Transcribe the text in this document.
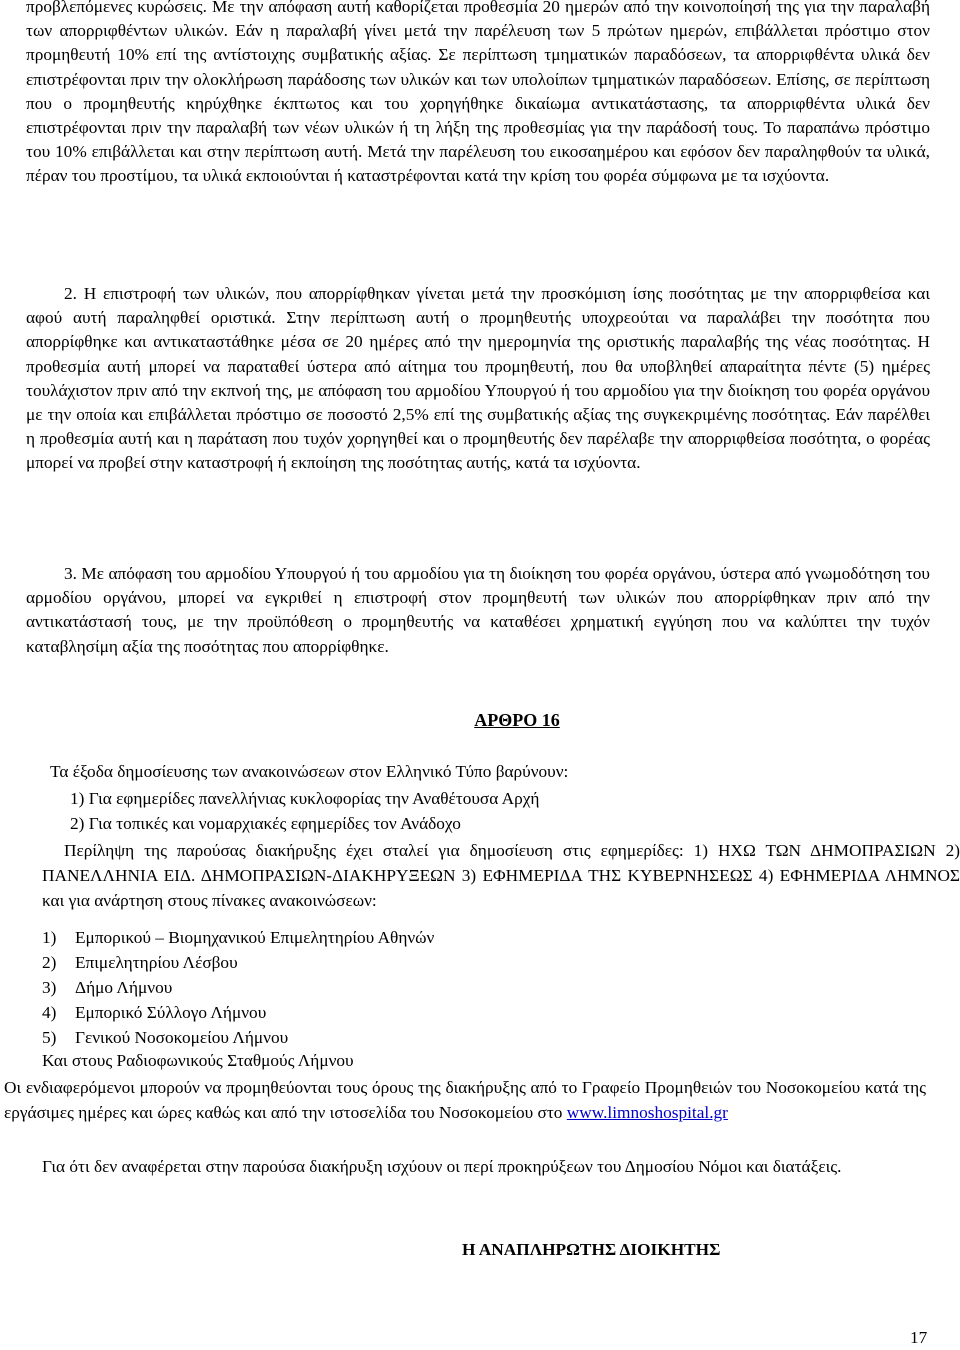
προβλεπόμενες κυρώσεις. Με την απόφαση αυτή καθορίζεται προθεσμία 20 ημερών από την κοινοποίησή της για την παραλαβή των απορριφθέντων υλικών. Εάν η παραλαβή γίνει μετά την παρέλευση των 5 πρώτων ημερών, επιβάλλεται πρόστιμο στον προμηθευτή 10% επί της αντίστοιχης συμβατικής αξίας. Σε περίπτωση τμηματικών παραδόσεων, τα απορριφθέντα υλικά δεν επιστρέφονται πριν την ολοκλήρωση παράδοσης των υλικών και των υπολοίπων τμηματικών παραδόσεων. Επίσης, σε περίπτωση που ο προμηθευτής κηρύχθηκε έκπτωτος και του χορηγήθηκε δικαίωμα αντικατάστασης, τα απορριφθέντα υλικά δεν επιστρέφονται πριν την παραλαβή των νέων υλικών ή τη λήξη της προθεσμίας για την παράδοσή τους. Το παραπάνω πρόστιμο του 10% επιβάλλεται και στην περίπτωση αυτή. Μετά την παρέλευση του εικοσαημέρου και εφόσον δεν παραληφθούν τα υλικά, πέραν του προστίμου, τα υλικά εκποιούνται ή καταστρέφονται κατά την κρίση του φορέα σύμφωνα με τα ισχύοντα.

2. Η επιστροφή των υλικών, που απορρίφθηκαν γίνεται μετά την προσκόμιση ίσης ποσότητας με την απορριφθείσα και αφού αυτή παραληφθεί οριστικά. Στην περίπτωση αυτή ο προμηθευτής υποχρεούται να παραλάβει την ποσότητα που απορρίφθηκε και αντικαταστάθηκε μέσα σε 20 ημέρες από την ημερομηνία της οριστικής παραλαβής της νέας ποσότητας. Η προθεσμία αυτή μπορεί να παραταθεί ύστερα από αίτημα του προμηθευτή, που θα υποβληθεί απαραίτητα πέντε (5) ημέρες τουλάχιστον πριν από την εκπνοή της, με απόφαση του αρμοδίου Υπουργού ή του αρμοδίου για την διοίκηση του φορέα οργάνου με την οποία και επιβάλλεται πρόστιμο σε ποσοστό 2,5% επί της συμβατικής αξίας της συγκεκριμένης ποσότητας. Εάν παρέλθει η προθεσμία αυτή και η παράταση που τυχόν χορηγηθεί και ο προμηθευτής δεν παρέλαβε την απορριφθείσα ποσότητα, ο φορέας μπορεί να προβεί στην καταστροφή ή εκποίηση της ποσότητας αυτής, κατά τα ισχύοντα.

3. Με απόφαση του αρμοδίου Υπουργού ή του αρμοδίου για τη διοίκηση του φορέα οργάνου, ύστερα από γνωμοδότηση του αρμοδίου οργάνου, μπορεί να εγκριθεί η επιστροφή στον προμηθευτή των υλικών που απορρίφθηκαν πριν από την αντικατάστασή τους, με την προϋπόθεση ο προμηθευτής να καταθέσει χρηματική εγγύηση που να καλύπτει την τυχόν καταβλησίμη αξία της ποσότητας που απορρίφθηκε.

ΑΡΘΡΟ 16
Τα έξοδα δημοσίευσης των ανακοινώσεων στον Ελληνικό Τύπο βαρύνουν:
1) Για εφημερίδες πανελλήνιας κυκλοφορίας την Αναθέτουσα Αρχή
2) Για τοπικές και νομαρχιακές εφημερίδες τον Ανάδοχο

Περίληψη της παρούσας διακήρυξης έχει σταλεί για δημοσίευση στις εφημερίδες: 1) ΗΧΩ ΤΩΝ ΔΗΜΟΠΡΑΣΙΩΝ 2) ΠΑΝΕΛΛΗΝΙΑ ΕΙΔ. ΔΗΜΟΠΡΑΣΙΩΝ-ΔΙΑΚΗΡΥΞΕΩΝ 3) ΕΦΗΜΕΡΙΔΑ ΤΗΣ ΚΥΒΕΡΝΗΣΕΩΣ 4) ΕΦΗΜΕΡΙΔΑ ΛΗΜΝΟΣ και για ανάρτηση στους πίνακες ανακοινώσεων:

1)	Εμπορικού – Βιομηχανικού Επιμελητηρίου Αθηνών
2)	Επιμελητηρίου Λέσβου
3)	Δήμο Λήμνου
4)	Εμπορικό Σύλλογο Λήμνου
5)	Γενικού Νοσοκομείου Λήμνου
Και στους Ραδιοφωνικούς Σταθμούς Λήμνου

Οι ενδιαφερόμενοι μπορούν να προμηθεύονται τους όρους της διακήρυξης από το Γραφείο Προμηθειών του Νοσοκομείου κατά της εργάσιμες ημέρες και ώρες καθώς και από την ιστοσελίδα του Νοσοκομείου στο www.limnoshospital.gr

Για ότι δεν αναφέρεται στην παρούσα διακήρυξη ισχύουν οι περί προκηρύξεων του Δημοσίου Νόμοι και διατάξεις.

Η ΑΝΑΠΛΗΡΩΤΗΣ ΔΙΟΙΚΗΤΗΣ
17
